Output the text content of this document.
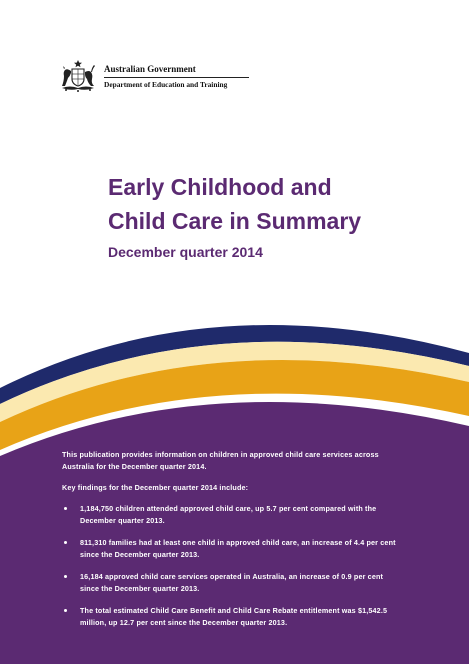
Australian Government
Department of Education and Training
Early Childhood and
Child Care in Summary
December quarter 2014

This publication provides information on children in approved child care services across Australia for the December quarter 2014.

Key findings for the December quarter 2014 include:

1,184,750 children attended approved child care, up 5.7 per cent compared with the December quarter 2013.
811,310 families had at least one child in approved child care, an increase of 4.4 per cent since the December quarter 2013.
16,184 approved child care services operated in Australia, an increase of 0.9 per cent since the December quarter 2013.
The total estimated Child Care Benefit and Child Care Rebate entitlement was $1,542.5 million, up 12.7 per cent since the December quarter 2013.
